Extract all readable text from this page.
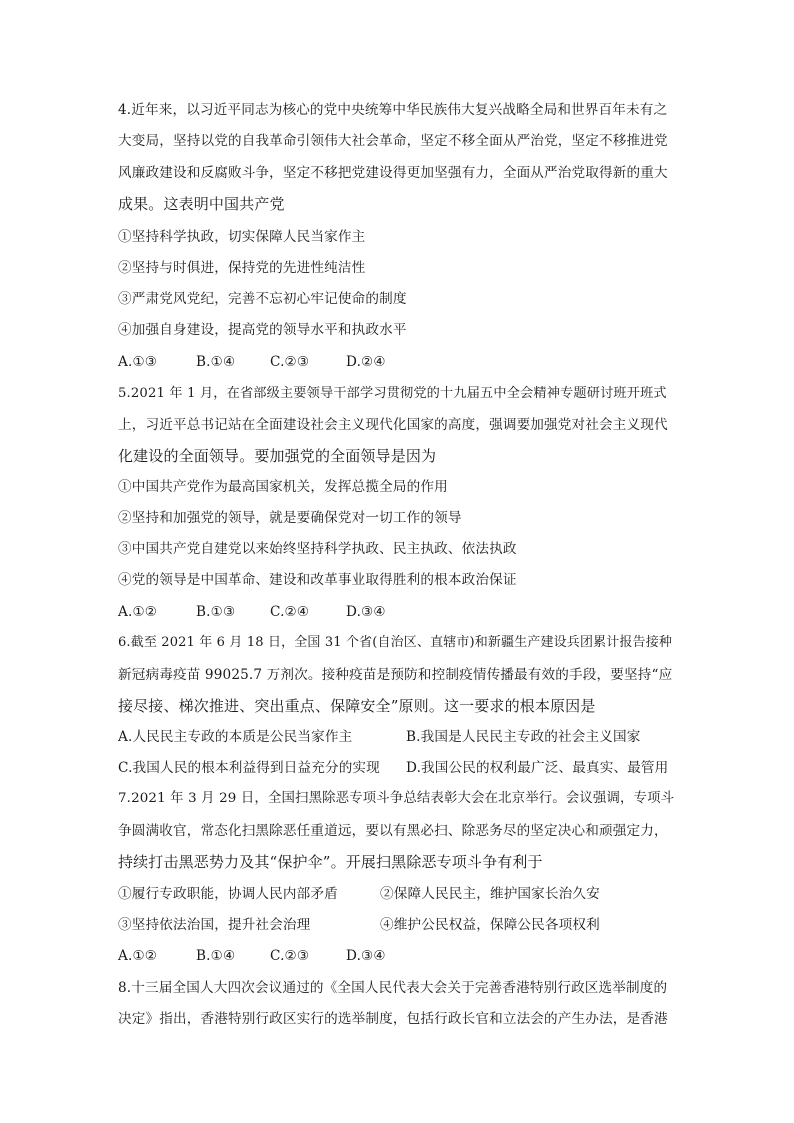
4.近年来，以习近平同志为核心的党中央统筹中华民族伟大复兴战略全局和世界百年未有之
大变局，坚持以党的自我革命引领伟大社会革命，坚定不移全面从严治党，坚定不移推进党
风廉政建设和反腐败斗争，坚定不移把党建设得更加坚强有力，全面从严治党取得新的重大
成果。这表明中国共产党
①坚持科学执政，切实保障人民当家作主
②坚持与时俱进，保持党的先进性纯洁性
③严肃党风党纪，完善不忘初心牢记使命的制度
④加强自身建设，提高党的领导水平和执政水平
A.①③	B.①④	C.②③	D.②④
5.2021 年 1 月，在省部级主要领导干部学习贯彻党的十九届五中全会精神专题研讨班开班式
上，习近平总书记站在全面建设社会主义现代化国家的高度，强调要加强党对社会主义现代
化建设的全面领导。要加强党的全面领导是因为
①中国共产党作为最高国家机关，发挥总揽全局的作用
②坚持和加强党的领导，就是要确保党对一切工作的领导
③中国共产党自建党以来始终坚持科学执政、民主执政、依法执政
④党的领导是中国革命、建设和改革事业取得胜利的根本政治保证
A.①②	B.①③	C.②④	D.③④
6.截至 2021 年 6 月 18 日，全国 31 个省(自治区、直辖市)和新疆生产建设兵团累计报告接种
新冠病毒疫苗 99025.7 万剂次。接种疫苗是预防和控制疫情传播最有效的手段，要坚持“应
接尽接、梯次推进、突出重点、保障安全”原则。这一要求的根本原因是
A.人民民主专政的本质是公民当家作主	B.我国是人民民主专政的社会主义国家
C.我国人民的根本利益得到日益充分的实现 D.我国公民的权利最广泛、最真实、最管用
7.2021 年 3 月 29 日，全国扫黑除恶专项斗争总结表彰大会在北京举行。会议强调，专项斗
争圆满收官，常态化扫黑除恶任重道远，要以有黑必扫、除恶务尽的坚定决心和顽强定力，
持续打击黑恶势力及其“保护伞”。开展扫黑除恶专项斗争有利于
①履行专政职能，协调人民内部矛盾	②保障人民民主，维护国家长治久安
③坚持依法治国，提升社会治理	④维护公民权益，保障公民各项权利
A.①②	B.①④	C.②③	D.③④
8.十三届全国人大四次会议通过的《全国人民代表大会关于完善香港特别行政区选举制度的
决定》指出，香港特别行政区实行的选举制度，包括行政长官和立法会的产生办法，是香港
